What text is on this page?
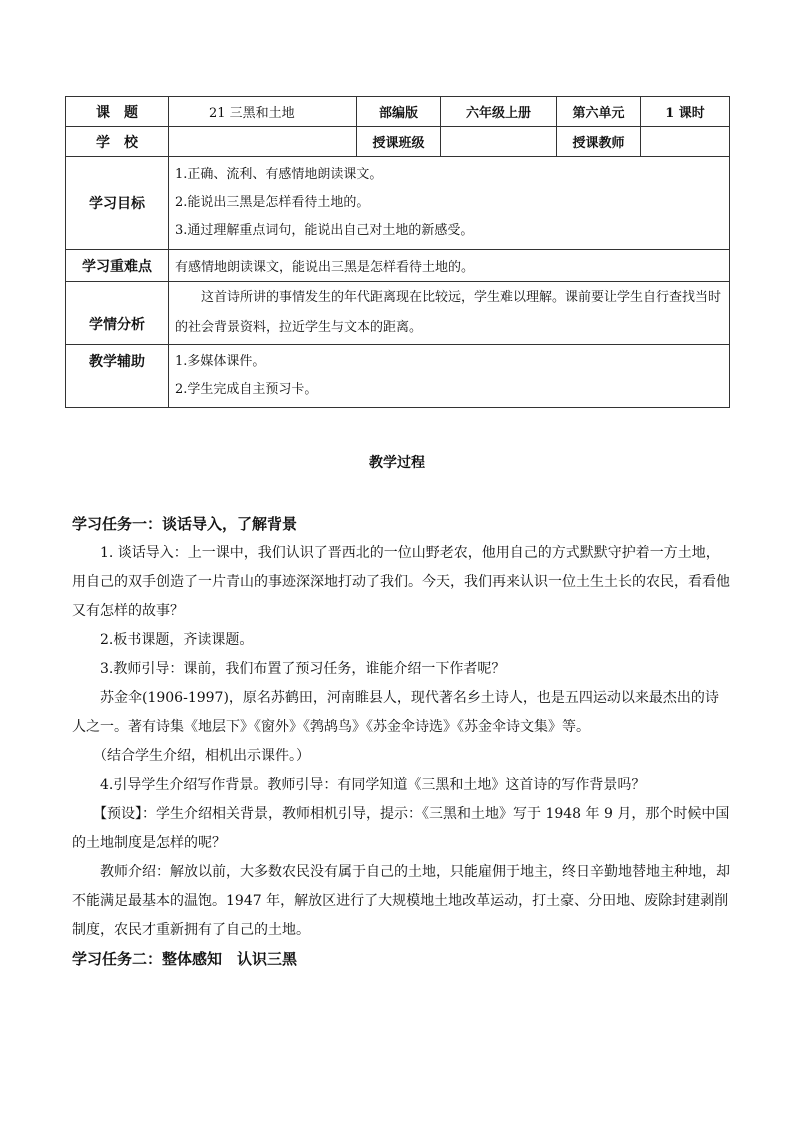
课　题	21 三黑和土地	部编版	六年级上册	第六单元	1 课时
学　校		授课班级		授课教师	
学习目标	1.正确、流利、有感情地朗读课文。
2.能说出三黑是怎样看待土地的。
3.通过理解重点词句，能说出自己对土地的新感受。				

学习重难点	有感情地朗读课文，能说出三黑是怎样看待土地的。				
学情分析	这首诗所讲的事情发生的年代距离现在比较远，学生难以理解。课前要让学生自行查找当时的社会背景资料，拉近学生与文本的距离。				
教学辅助	1.多媒体课件。
2.学生完成自主预习卡。				
教学过程

学习任务一：谈话导入，了解背景

1. 谈话导入：上一课中，我们认识了晋西北的一位山野老农，他用自己的方式默默守护着一方土地，用自己的双手创造了一片青山的事迹深深地打动了我们。今天，我们再来认识一位土生土长的农民，看看他又有怎样的故事？

2.板书课题，齐读课题。

3.教师引导：课前，我们布置了预习任务，谁能介绍一下作者呢？

苏金伞(1906-1997)，原名苏鹤田，河南睢县人，现代著名乡土诗人，也是五四运动以来最杰出的诗人之一。著有诗集《地层下》《窗外》《鹁鸪鸟》《苏金伞诗选》《苏金伞诗文集》等。

（结合学生介绍，相机出示课件。）

4.引导学生介绍写作背景。教师引导：有同学知道《三黑和土地》这首诗的写作背景吗？

【预设】：学生介绍相关背景，教师相机引导，提示：《三黑和土地》写于 1948 年 9 月，那个时候中国的土地制度是怎样的呢？

教师介绍：解放以前，大多数农民没有属于自己的土地，只能雇佣于地主，终日辛勤地替地主种地，却不能满足最基本的温饱。1947 年，解放区进行了大规模地土地改革运动，打土豪、分田地、废除封建剥削制度，农民才重新拥有了自己的土地。

学习任务二：整体感知　认识三黑
